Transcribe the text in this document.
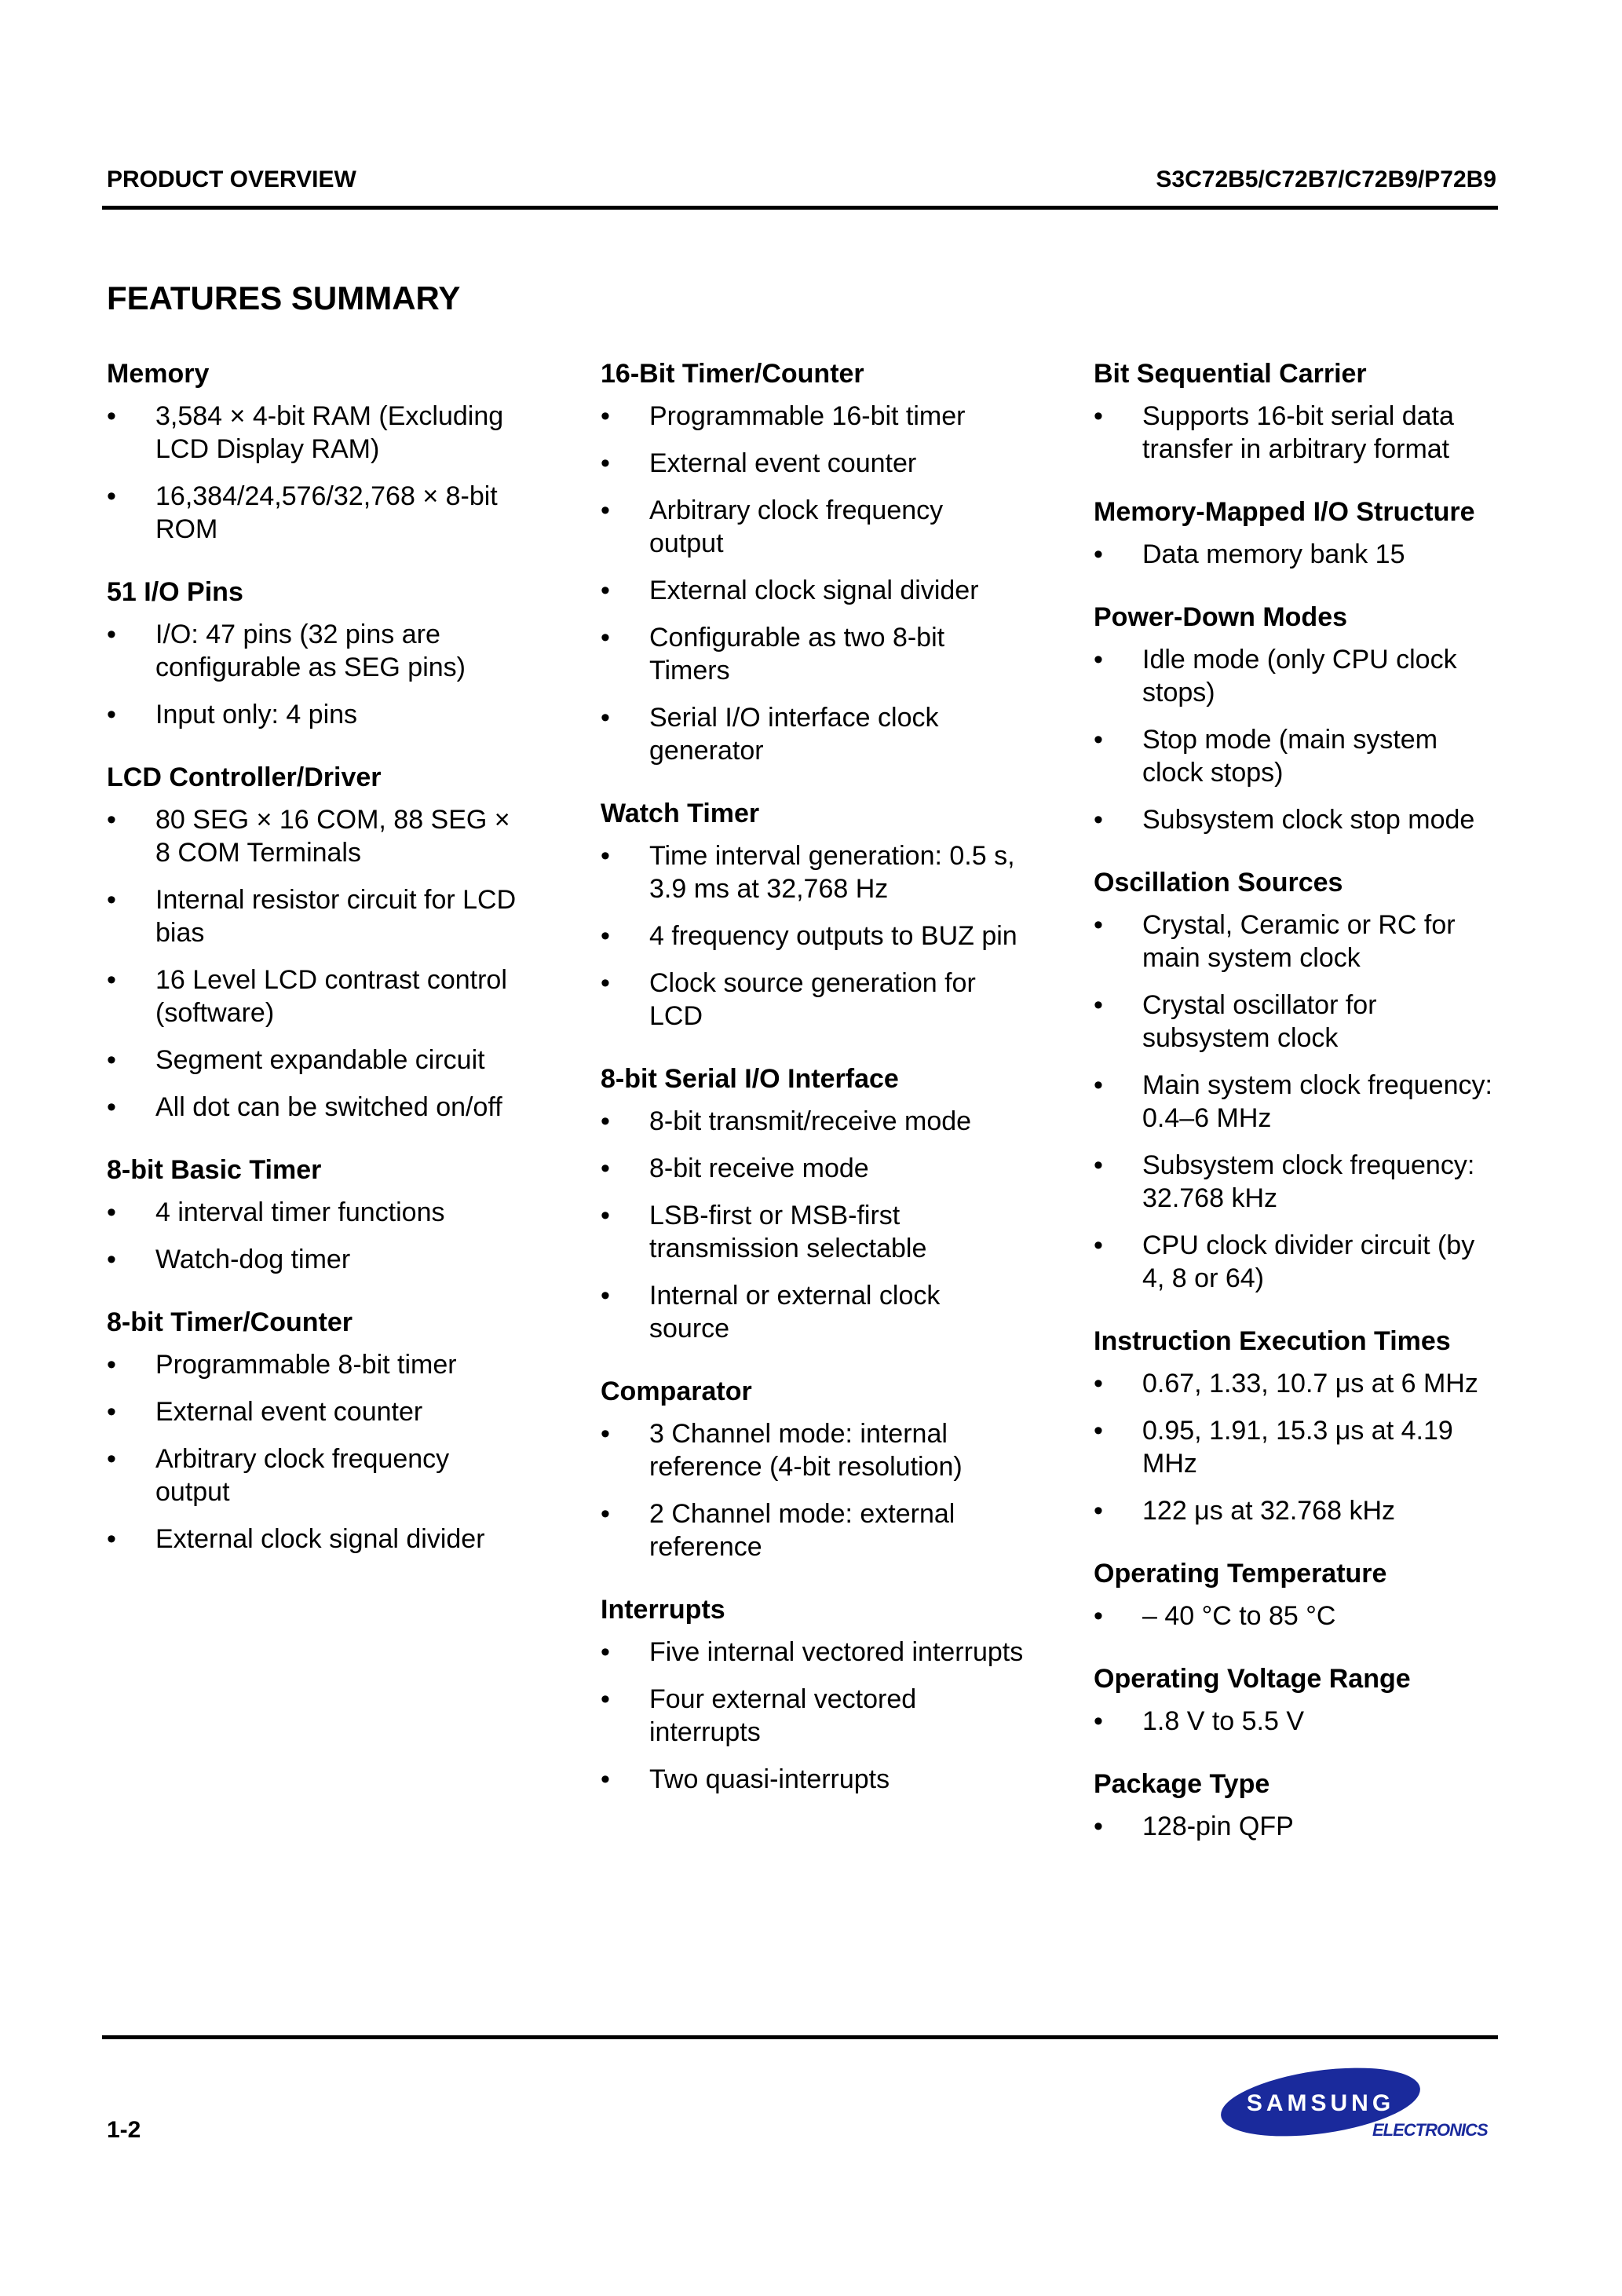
PRODUCT OVERVIEW	S3C72B5/C72B7/C72B9/P72B9
FEATURES SUMMARY
Memory
• 3,584 × 4-bit RAM (Excluding LCD Display RAM)
• 16,384/24,576/32,768 × 8-bit ROM
51 I/O Pins
• I/O: 47 pins (32 pins are configurable as SEG pins)
• Input only: 4 pins
LCD Controller/Driver
• 80 SEG × 16 COM, 88 SEG × 8 COM Terminals
• Internal resistor circuit for LCD bias
• 16 Level LCD contrast control (software)
• Segment expandable circuit
• All dot can be switched on/off
8-bit Basic Timer
• 4 interval timer functions
• Watch-dog timer
8-bit Timer/Counter
• Programmable 8-bit timer
• External event counter
• Arbitrary clock frequency output
• External clock signal divider
16-Bit Timer/Counter
• Programmable 16-bit timer
• External event counter
• Arbitrary clock frequency output
• External clock signal divider
• Configurable as two 8-bit Timers
• Serial I/O interface clock generator
Watch Timer
• Time interval generation: 0.5 s, 3.9 ms at 32,768 Hz
• 4 frequency outputs to BUZ pin
• Clock source generation for LCD
8-bit Serial I/O Interface
• 8-bit transmit/receive mode
• 8-bit receive mode
• LSB-first or MSB-first transmission selectable
• Internal or external clock source
Comparator
• 3 Channel mode: internal reference (4-bit resolution)
• 2 Channel mode: external reference
Interrupts
• Five internal vectored interrupts
• Four external vectored interrupts
• Two quasi-interrupts
Bit Sequential Carrier
• Supports 16-bit serial data transfer in arbitrary format
Memory-Mapped I/O Structure
• Data memory bank 15
Power-Down Modes
• Idle mode (only CPU clock stops)
• Stop mode (main system clock stops)
• Subsystem clock stop mode
Oscillation Sources
• Crystal, Ceramic or RC for main system clock
• Crystal oscillator for subsystem clock
• Main system clock frequency: 0.4–6 MHz
• Subsystem clock frequency: 32.768 kHz
• CPU clock divider circuit (by 4, 8 or 64)
Instruction Execution Times
• 0.67, 1.33, 10.7 μs at 6 MHz
• 0.95, 1.91, 15.3 μs at 4.19 MHz
• 122 μs at 32.768 kHz
Operating Temperature
• – 40 °C to 85 °C
Operating Voltage Range
• 1.8 V to 5.5 V
Package Type
• 128-pin QFP
1-2
SAMSUNG
ELECTRONICS
